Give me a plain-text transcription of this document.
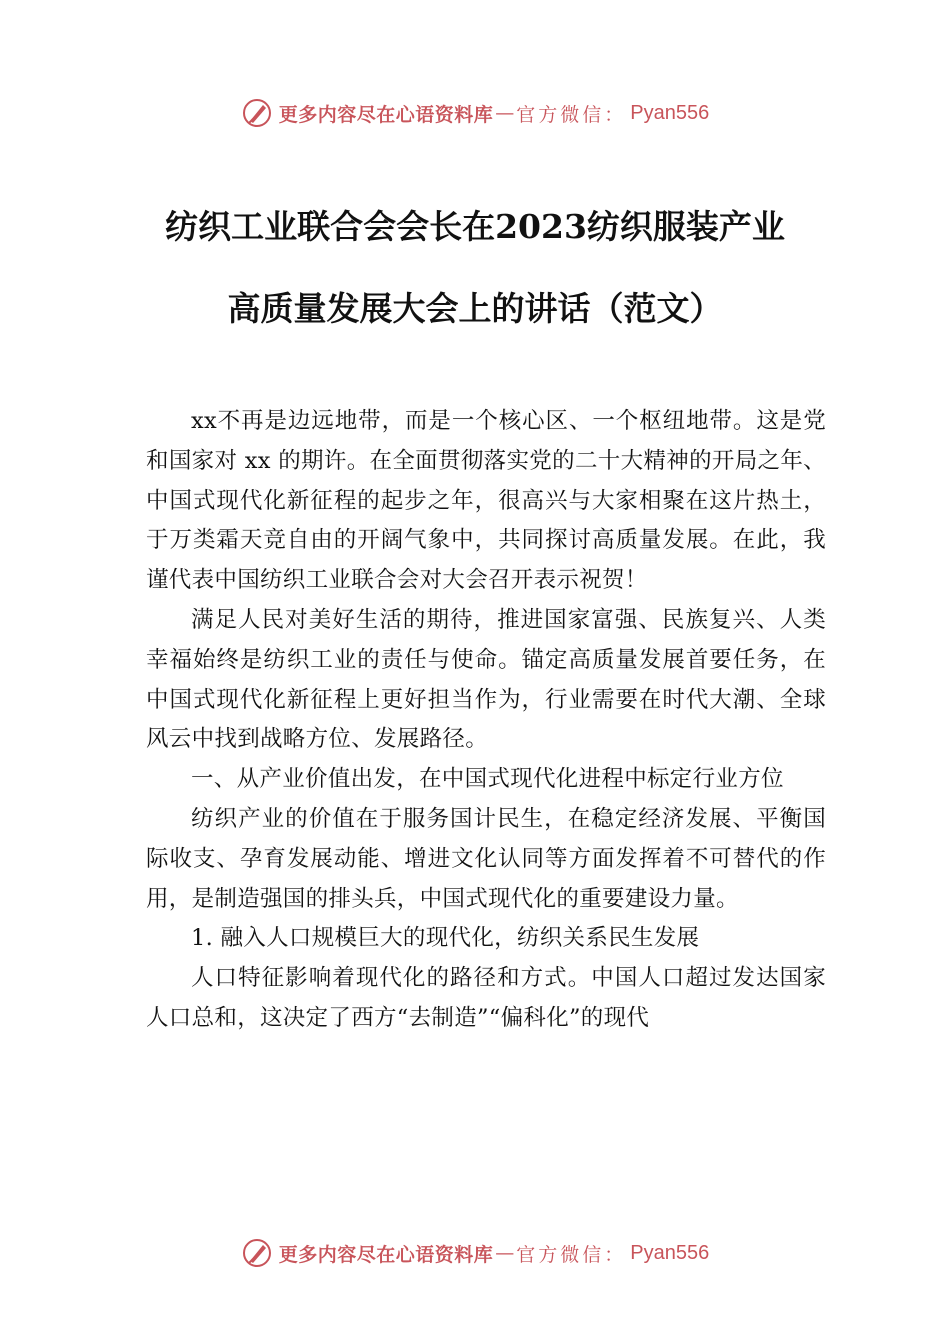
更多内容尽在心语资料库 — 官方微信： Pyan556
纺织工业联合会会长在2023纺织服装产业
高质量发展大会上的讲话（范文）

xx不再是边远地带，而是一个核心区、一个枢纽地带。这是党和国家对 xx 的期许。在全面贯彻落实党的二十大精神的开局之年、中国式现代化新征程的起步之年，很高兴与大家相聚在这片热土，于万类霜天竞自由的开阔气象中，共同探讨高质量发展。在此，我谨代表中国纺织工业联合会对大会召开表示祝贺！

满足人民对美好生活的期待，推进国家富强、民族复兴、人类幸福始终是纺织工业的责任与使命。锚定高质量发展首要任务，在中国式现代化新征程上更好担当作为，行业需要在时代大潮、全球风云中找到战略方位、发展路径。

一、从产业价值出发，在中国式现代化进程中标定行业方位

纺织产业的价值在于服务国计民生，在稳定经济发展、平衡国际收支、孕育发展动能、增进文化认同等方面发挥着不可替代的作用，是制造强国的排头兵，中国式现代化的重要建设力量。

1. 融入人口规模巨大的现代化，纺织关系民生发展

人口特征影响着现代化的路径和方式。中国人口超过发达国家人口总和，这决定了西方“去制造”“偏科化”的现代

更多内容尽在心语资料库 — 官方微信： Pyan556
